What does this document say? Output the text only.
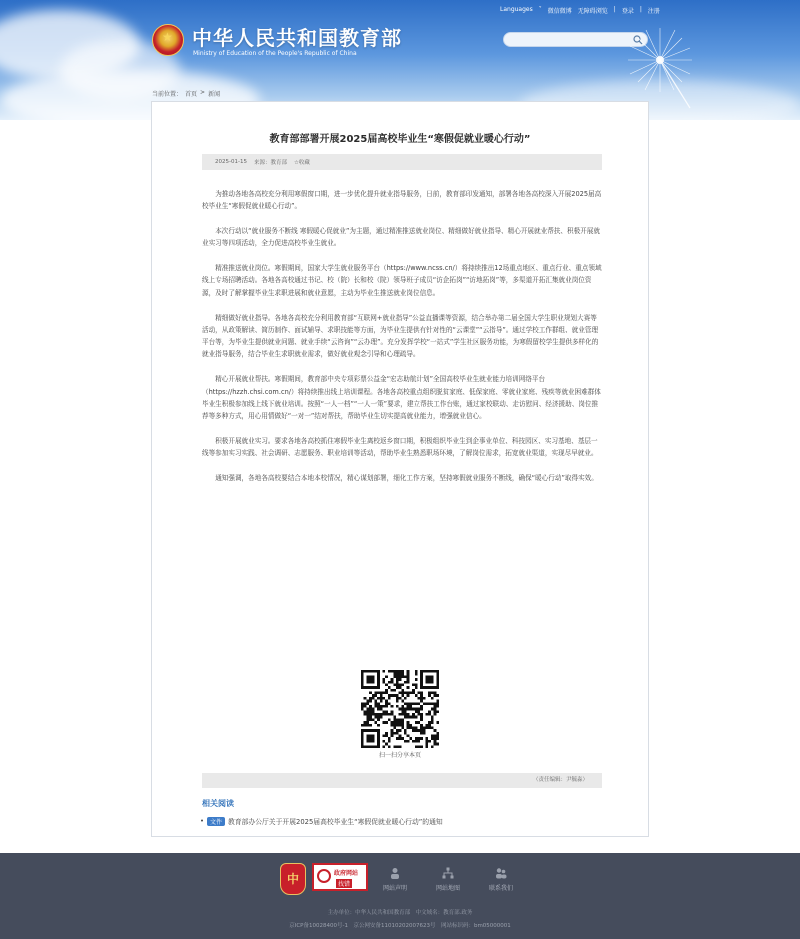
Languages ˅ 微信微博 无障碍浏览 | 登录 | 注册
★
中华人民共和国教育部
Ministry of Education of the People's Republic of China
当前位置： 首页 > 新闻
教育部部署开展2025届高校毕业生“寒假促就业暖心行动”
2025-01-15 来源：教育部 ☆收藏

为推动各地各高校充分利用寒假窗口期，进一步优化提升就业指导服务，日前，教育部印发通知，部署各地各高校深入开展2025届高校毕业生“寒假促就业暖心行动”。

本次行动以“就业服务不断线 寒假暖心促就业”为主题，通过精准推送就业岗位、精细做好就业指导、精心开展就业帮扶、积极开展就业实习等四项活动，全力促进高校毕业生就业。

精准推送就业岗位。寒假期间，国家大学生就业服务平台（https://www.ncss.cn/）将持续推出12场重点地区、重点行业、重点领域线上专场招聘活动。各地各高校通过书记、校（院）长和校（院）领导班子成员“访企拓岗”“访地拓岗”等，多渠道开拓汇集就业岗位资源，及时了解掌握毕业生求职进展和就业意愿，主动为毕业生推送就业岗位信息。

精细做好就业指导。各地各高校充分利用教育部“互联网+就业指导”公益直播课等资源，结合举办第二届全国大学生职业规划大赛等活动，从政策解读、简历制作、面试辅导、求职技能等方面，为毕业生提供有针对性的“云课堂”“云指导”。通过学校工作群组、就业管理平台等，为毕业生提供就业问题、就业手续“云咨询”“云办理”。充分发挥学校“一站式”学生社区服务功能，为寒假留校学生提供多样化的就业指导服务，结合毕业生求职就业需求，做好就业观念引导和心理疏导。

精心开展就业帮扶。寒假期间，教育部中央专项彩票公益金“宏志助航计划”全国高校毕业生就业能力培训网络平台（https://hzzh.chsi.com.cn/）将持续推出线上培训课程。各地各高校重点组织脱贫家庭、低保家庭、零就业家庭、残疾等就业困难群体毕业生积极参加线上线下就业培训。按照“一人一档”“一人一策”要求，建立帮扶工作台账，通过家校联动、走访慰问、经济援助、岗位推荐等多种方式，用心用情做好“一对一”结对帮扶，帮助毕业生切实提高就业能力，增强就业信心。

积极开展就业实习。要求各地各高校抓住寒假毕业生离校返乡窗口期，积极组织毕业生到企事业单位、科技园区、实习基地、基层一线等参加实习实践、社会调研、志愿服务、职业培训等活动，帮助毕业生熟悉职场环境，了解岗位需求，拓宽就业渠道，实现尽早就业。

通知强调，各地各高校要结合本地本校情况，精心谋划部署，细化工作方案，坚持寒假就业服务不断线，确保“暖心行动”取得实效。

扫一扫分享本页
（责任编辑：尹毓淼）
相关阅读
•	文件 教育部办公厅关于开展2025届高校毕业生“寒假促就业暖心行动”的通知
中
政府网站
找错
网站声明	网站地图	联系我们
主办单位：中华人民共和国教育部　中文域名：教育部.政务
京ICP备10028400号-1　京公网安备11010202007623号　网站标识码：bm05000001
